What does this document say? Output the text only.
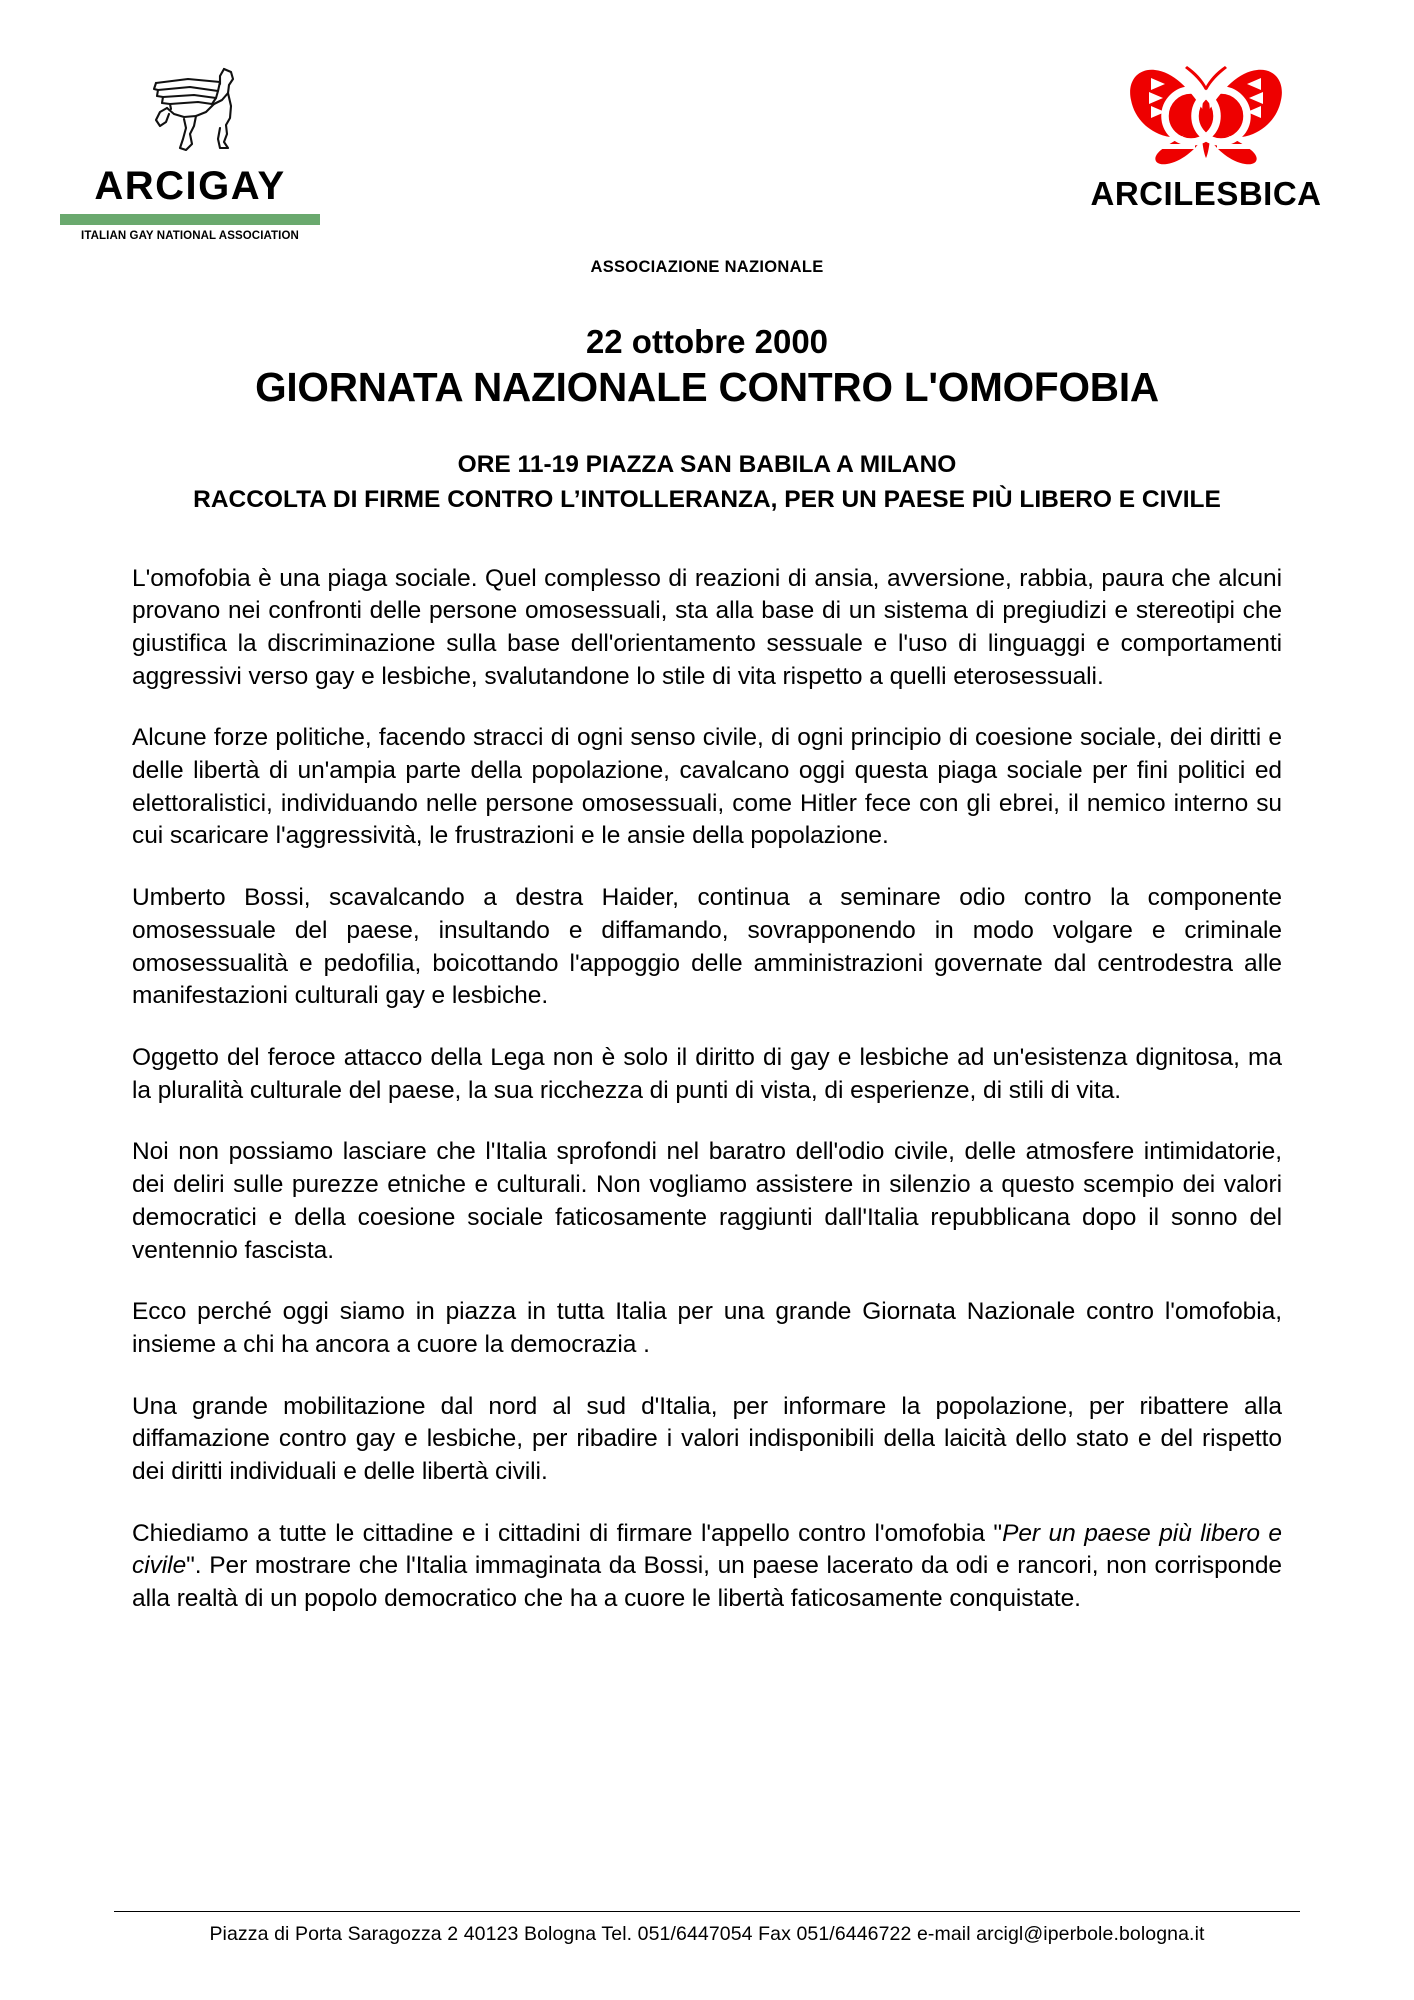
ARCIGAY
ITALIAN GAY NATIONAL ASSOCIATION
ASSOCIAZIONE NAZIONALE
ARCILESBICA
22 ottobre 2000
GIORNATA NAZIONALE CONTRO L'OMOFOBIA
ORE 11-19 PIAZZA SAN BABILA A MILANO
RACCOLTA DI FIRME CONTRO L’INTOLLERANZA, PER UN PAESE PIÙ LIBERO E CIVILE

L'omofobia è una piaga sociale. Quel complesso di reazioni di ansia, avversione, rabbia, paura che alcuni provano nei confronti delle persone omosessuali, sta alla base di un sistema di pregiudizi e stereotipi che giustifica la discriminazione sulla base dell'orientamento sessuale e l'uso di linguaggi e comportamenti aggressivi verso gay e lesbiche, svalutandone lo stile di vita rispetto a quelli eterosessuali.

Alcune forze politiche, facendo stracci di ogni senso civile, di ogni principio di coesione sociale, dei diritti e delle libertà di un'ampia parte della popolazione, cavalcano oggi questa piaga sociale per fini politici ed elettoralistici, individuando nelle persone omosessuali, come Hitler fece con gli ebrei, il nemico interno su cui scaricare l'aggressività, le frustrazioni e le ansie della popolazione.

Umberto Bossi, scavalcando a destra Haider, continua a seminare odio contro la componente omosessuale del paese, insultando e diffamando, sovrapponendo in modo volgare e criminale omosessualità e pedofilia, boicottando l'appoggio delle amministrazioni governate dal centrodestra alle manifestazioni culturali gay e lesbiche.

Oggetto del feroce attacco della Lega non è solo il diritto di gay e lesbiche ad un'esistenza dignitosa, ma la pluralità culturale del paese, la sua ricchezza di punti di vista, di esperienze, di stili di vita.

Noi non possiamo lasciare che l'Italia sprofondi nel baratro dell'odio civile, delle atmosfere intimidatorie, dei deliri sulle purezze etniche e culturali. Non vogliamo assistere in silenzio a questo scempio dei valori democratici e della coesione sociale faticosamente raggiunti dall'Italia repubblicana dopo il sonno del ventennio fascista.

Ecco perché oggi siamo in piazza in tutta Italia per una grande Giornata Nazionale contro l'omofobia, insieme a chi ha ancora a cuore la democrazia .

Una grande mobilitazione dal nord al sud d'Italia, per informare la popolazione, per ribattere alla diffamazione contro gay e lesbiche, per ribadire i valori indisponibili della laicità dello stato e del rispetto dei diritti individuali e delle libertà civili.

Chiediamo a tutte le cittadine e i cittadini di firmare l'appello contro l'omofobia "Per un paese più libero e civile". Per mostrare che l'Italia immaginata da Bossi, un paese lacerato da odi e rancori, non corrisponde alla realtà di un popolo democratico che ha a cuore le libertà faticosamente conquistate.

Piazza di Porta Saragozza 2 40123 Bologna Tel. 051/6447054 Fax 051/6446722 e-mail arcigl@iperbole.bologna.it
